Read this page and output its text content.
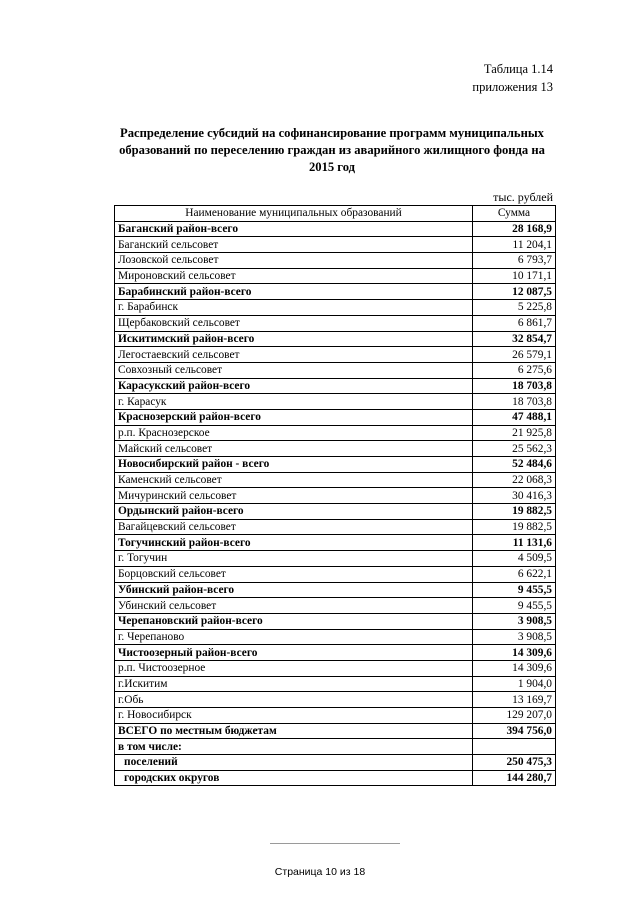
Таблица 1.14
приложения 13
Распределение субсидий на софинансирование программ муниципальных
образований по переселению граждан из аварийного жилищного фонда на
2015 год
тыс. рублей
Наименование муниципальных образований	Сумма
Баганский район-всего	28 168,9
Баганский сельсовет	11 204,1
Лозовской сельсовет	6 793,7
Мироновский сельсовет	10 171,1
Барабинский район-всего	12 087,5
г. Барабинск	5 225,8
Щербаковский сельсовет	6 861,7
Искитимский район-всего	32 854,7
Легостаевский сельсовет	26 579,1
Совхозный сельсовет	6 275,6
Карасукский район-всего	18 703,8
г. Карасук	18 703,8
Краснозерский район-всего	47 488,1
р.п. Краснозерское	21 925,8
Майский сельсовет	25 562,3
Новосибирский район - всего	52 484,6
Каменский сельсовет	22 068,3
Мичуринский сельсовет	30 416,3
Ордынский район-всего	19 882,5
Вагайцевский сельсовет	19 882,5
Тогучинский район-всего	11 131,6
г. Тогучин	4 509,5
Борцовский сельсовет	6 622,1
Убинский район-всего	9 455,5
Убинский сельсовет	9 455,5
Черепановский район-всего	3 908,5
г. Черепаново	3 908,5
Чистоозерный район-всего	14 309,6
р.п. Чистоозерное	14 309,6
г.Искитим	1 904,0
г.Обь	13 169,7
г. Новосибирск	129 207,0
ВСЕГО по местным бюджетам	394 756,0
в том числе:	
поселений	250 475,3
городских округов	144 280,7
Страница 10 из 18
